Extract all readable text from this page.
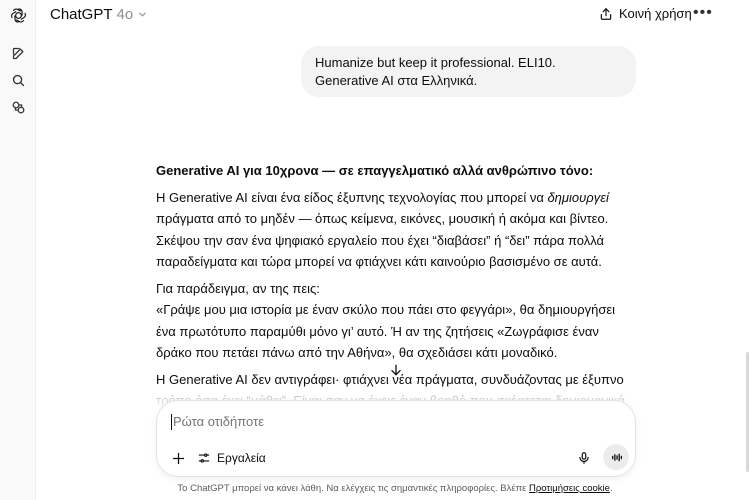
ChatGPT 4o	Κοινή χρήση •••
Humanize but keep it professional. ELI10. Generative AI στα Ελληνικά.

Generative AI για 10χρονα — σε επαγγελματικό αλλά ανθρώπινο τόνο:

Η Generative AI είναι ένα είδος έξυπνης τεχνολογίας που μπορεί να δημιουργεί πράγματα από το μηδέν — όπως κείμενα, εικόνες, μουσική ή ακόμα και βίντεο. Σκέψου την σαν ένα ψηφιακό εργαλείο που έχει “διαβάσει” ή “δει” πάρα πολλά παραδείγματα και τώρα μπορεί να φτιάχνει κάτι καινούριο βασισμένο σε αυτά.

Για παράδειγμα, αν της πεις:
«Γράψε μου μια ιστορία με έναν σκύλο που πάει στο φεγγάρι», θα δημιουργήσει ένα πρωτότυπο παραμύθι μόνο γι’ αυτό. Ή αν της ζητήσεις «Ζωγράφισε έναν δράκο που πετάει πάνω από την Αθήνα», θα σχεδιάσει κάτι μοναδικό.

Η Generative AI δεν αντιγράφει· φτιάχνει νέα πράγματα, συνδυάζοντας με έξυπνο

Ρώτα οτιδήποτε
Εργαλεία
Το ChatGPT μπορεί να κάνει λάθη. Να ελέγχεις τις σημαντικές πληροφορίες. Βλέπε Προτιμήσεις cookie.
